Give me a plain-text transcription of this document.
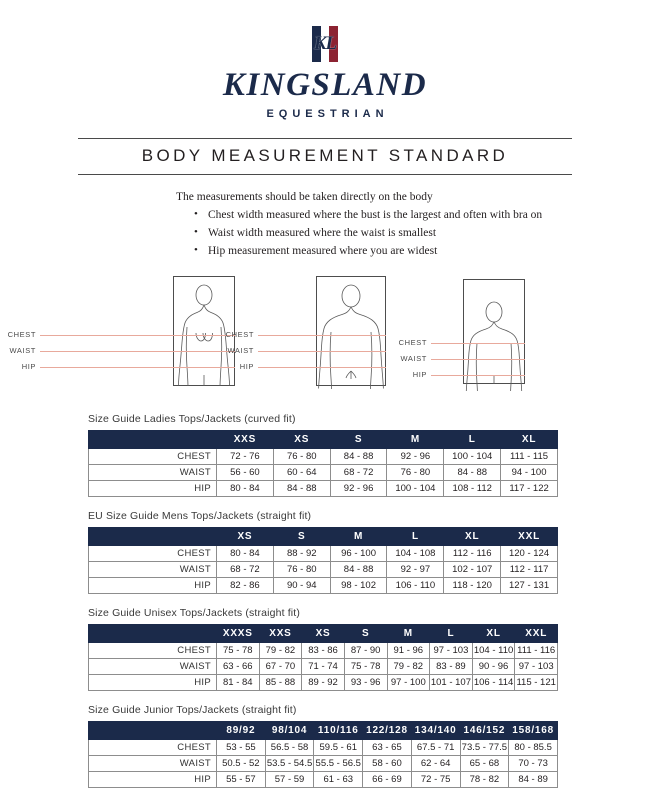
KL
KINGSLAND
EQUESTRIAN
BODY MEASUREMENT STANDARD

The measurements should be taken directly on the body

• Chest width measured where the bust is the largest and often with bra on
• Waist width measured where the waist is smallest
• Hip measurement measured where you are widest
CHEST
WAIST
HIP
CHEST
WAIST
HIP
CHEST
WAIST
HIP
Size Guide Ladies Tops/Jackets (curved fit)
	XXS	XS	S	M	L	XL
CHEST	72 - 76	76 - 80	84 - 88	92 - 96	100 - 104	111 - 115
WAIST	56 - 60	60 - 64	68 - 72	76 - 80	84 - 88	94 - 100
HIP	80 - 84	84 - 88	92 - 96	100 - 104	108 - 112	117 - 122
EU Size Guide Mens Tops/Jackets (straight fit)
	XS	S	M	L	XL	XXL
CHEST	80 - 84	88 - 92	96 - 100	104 - 108	112 - 116	120 - 124
WAIST	68 - 72	76 - 80	84 - 88	92 - 97	102 - 107	112 - 117
HIP	82 - 86	90 - 94	98 - 102	106 - 110	118 - 120	127 - 131
Size Guide Unisex Tops/Jackets (straight fit)
	XXXS	XXS	XS	S	M	L	XL	XXL
CHEST	75 - 78	79 - 82	83 - 86	87 - 90	91 - 96	97 - 103	104 - 110	111 - 116
WAIST	63 - 66	67 - 70	71 - 74	75 - 78	79 - 82	83 - 89	90 - 96	97 - 103
HIP	81 - 84	85 - 88	89 - 92	93 - 96	97 - 100	101 - 107	106 - 114	115 - 121
Size Guide Junior Tops/Jackets (straight fit)
	89/92	98/104	110/116	122/128	134/140	146/152	158/168
CHEST	53 - 55	56.5 - 58	59.5 - 61	63 - 65	67.5 - 71	73.5 - 77.5	80 - 85.5
WAIST	50.5 - 52	53.5 - 54.5	55.5 - 56.5	58 - 60	62 - 64	65 - 68	70 - 73
HIP	55 - 57	57 - 59	61 - 63	66 - 69	72 - 75	78 - 82	84 - 89
